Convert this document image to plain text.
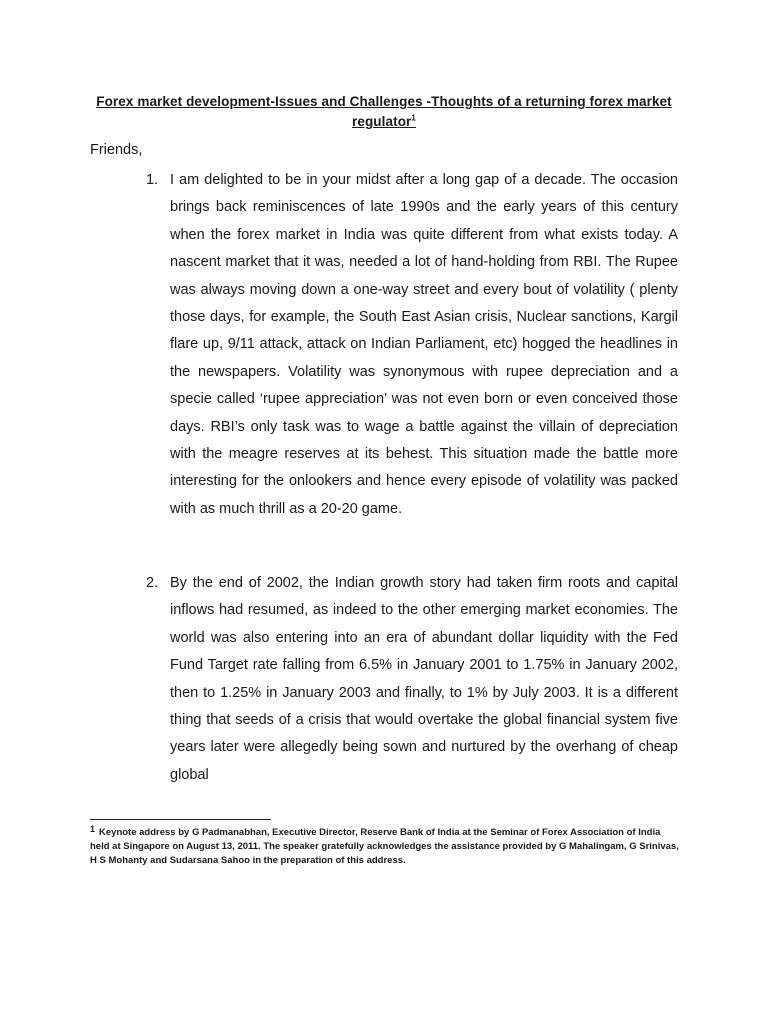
Forex market development-Issues and Challenges -Thoughts of a returning forex market regulator$^1$
Friends,
1. I am delighted to be in your midst after a long gap of a decade. The occasion brings back reminiscences of late 1990s and the early years of this century when the forex market in India was quite different from what exists today. A nascent market that it was, needed a lot of hand-holding from RBI. The Rupee was always moving down a one-way street and every bout of volatility ( plenty those days, for example, the South East Asian crisis, Nuclear sanctions, Kargil flare up, 9/11 attack, attack on Indian Parliament, etc) hogged the headlines in the newspapers. Volatility was synonymous with rupee depreciation and a specie called ‘rupee appreciation’ was not even born or even conceived those days. RBI’s only task was to wage a battle against the villain of depreciation with the meagre reserves at its behest. This situation made the battle more interesting for the onlookers and hence every episode of volatility was packed with as much thrill as a 20-20 game.
2. By the end of 2002, the Indian growth story had taken firm roots and capital inflows had resumed, as indeed to the other emerging market economies. The world was also entering into an era of abundant dollar liquidity with the Fed Fund Target rate falling from 6.5% in January 2001 to 1.75% in January 2002, then to 1.25% in January 2003 and finally, to 1% by July 2003. It is a different thing that seeds of a crisis that would overtake the global financial system five years later were allegedly being sown and nurtured by the overhang of cheap global
$^1$ Keynote address by G Padmanabhan, Executive Director, Reserve Bank of India at the Seminar of Forex Association of India held at Singapore on August 13, 2011. The speaker gratefully acknowledges the assistance provided by G Mahalingam, G Srinivas, H S Mohanty and Sudarsana Sahoo in the preparation of this address.
